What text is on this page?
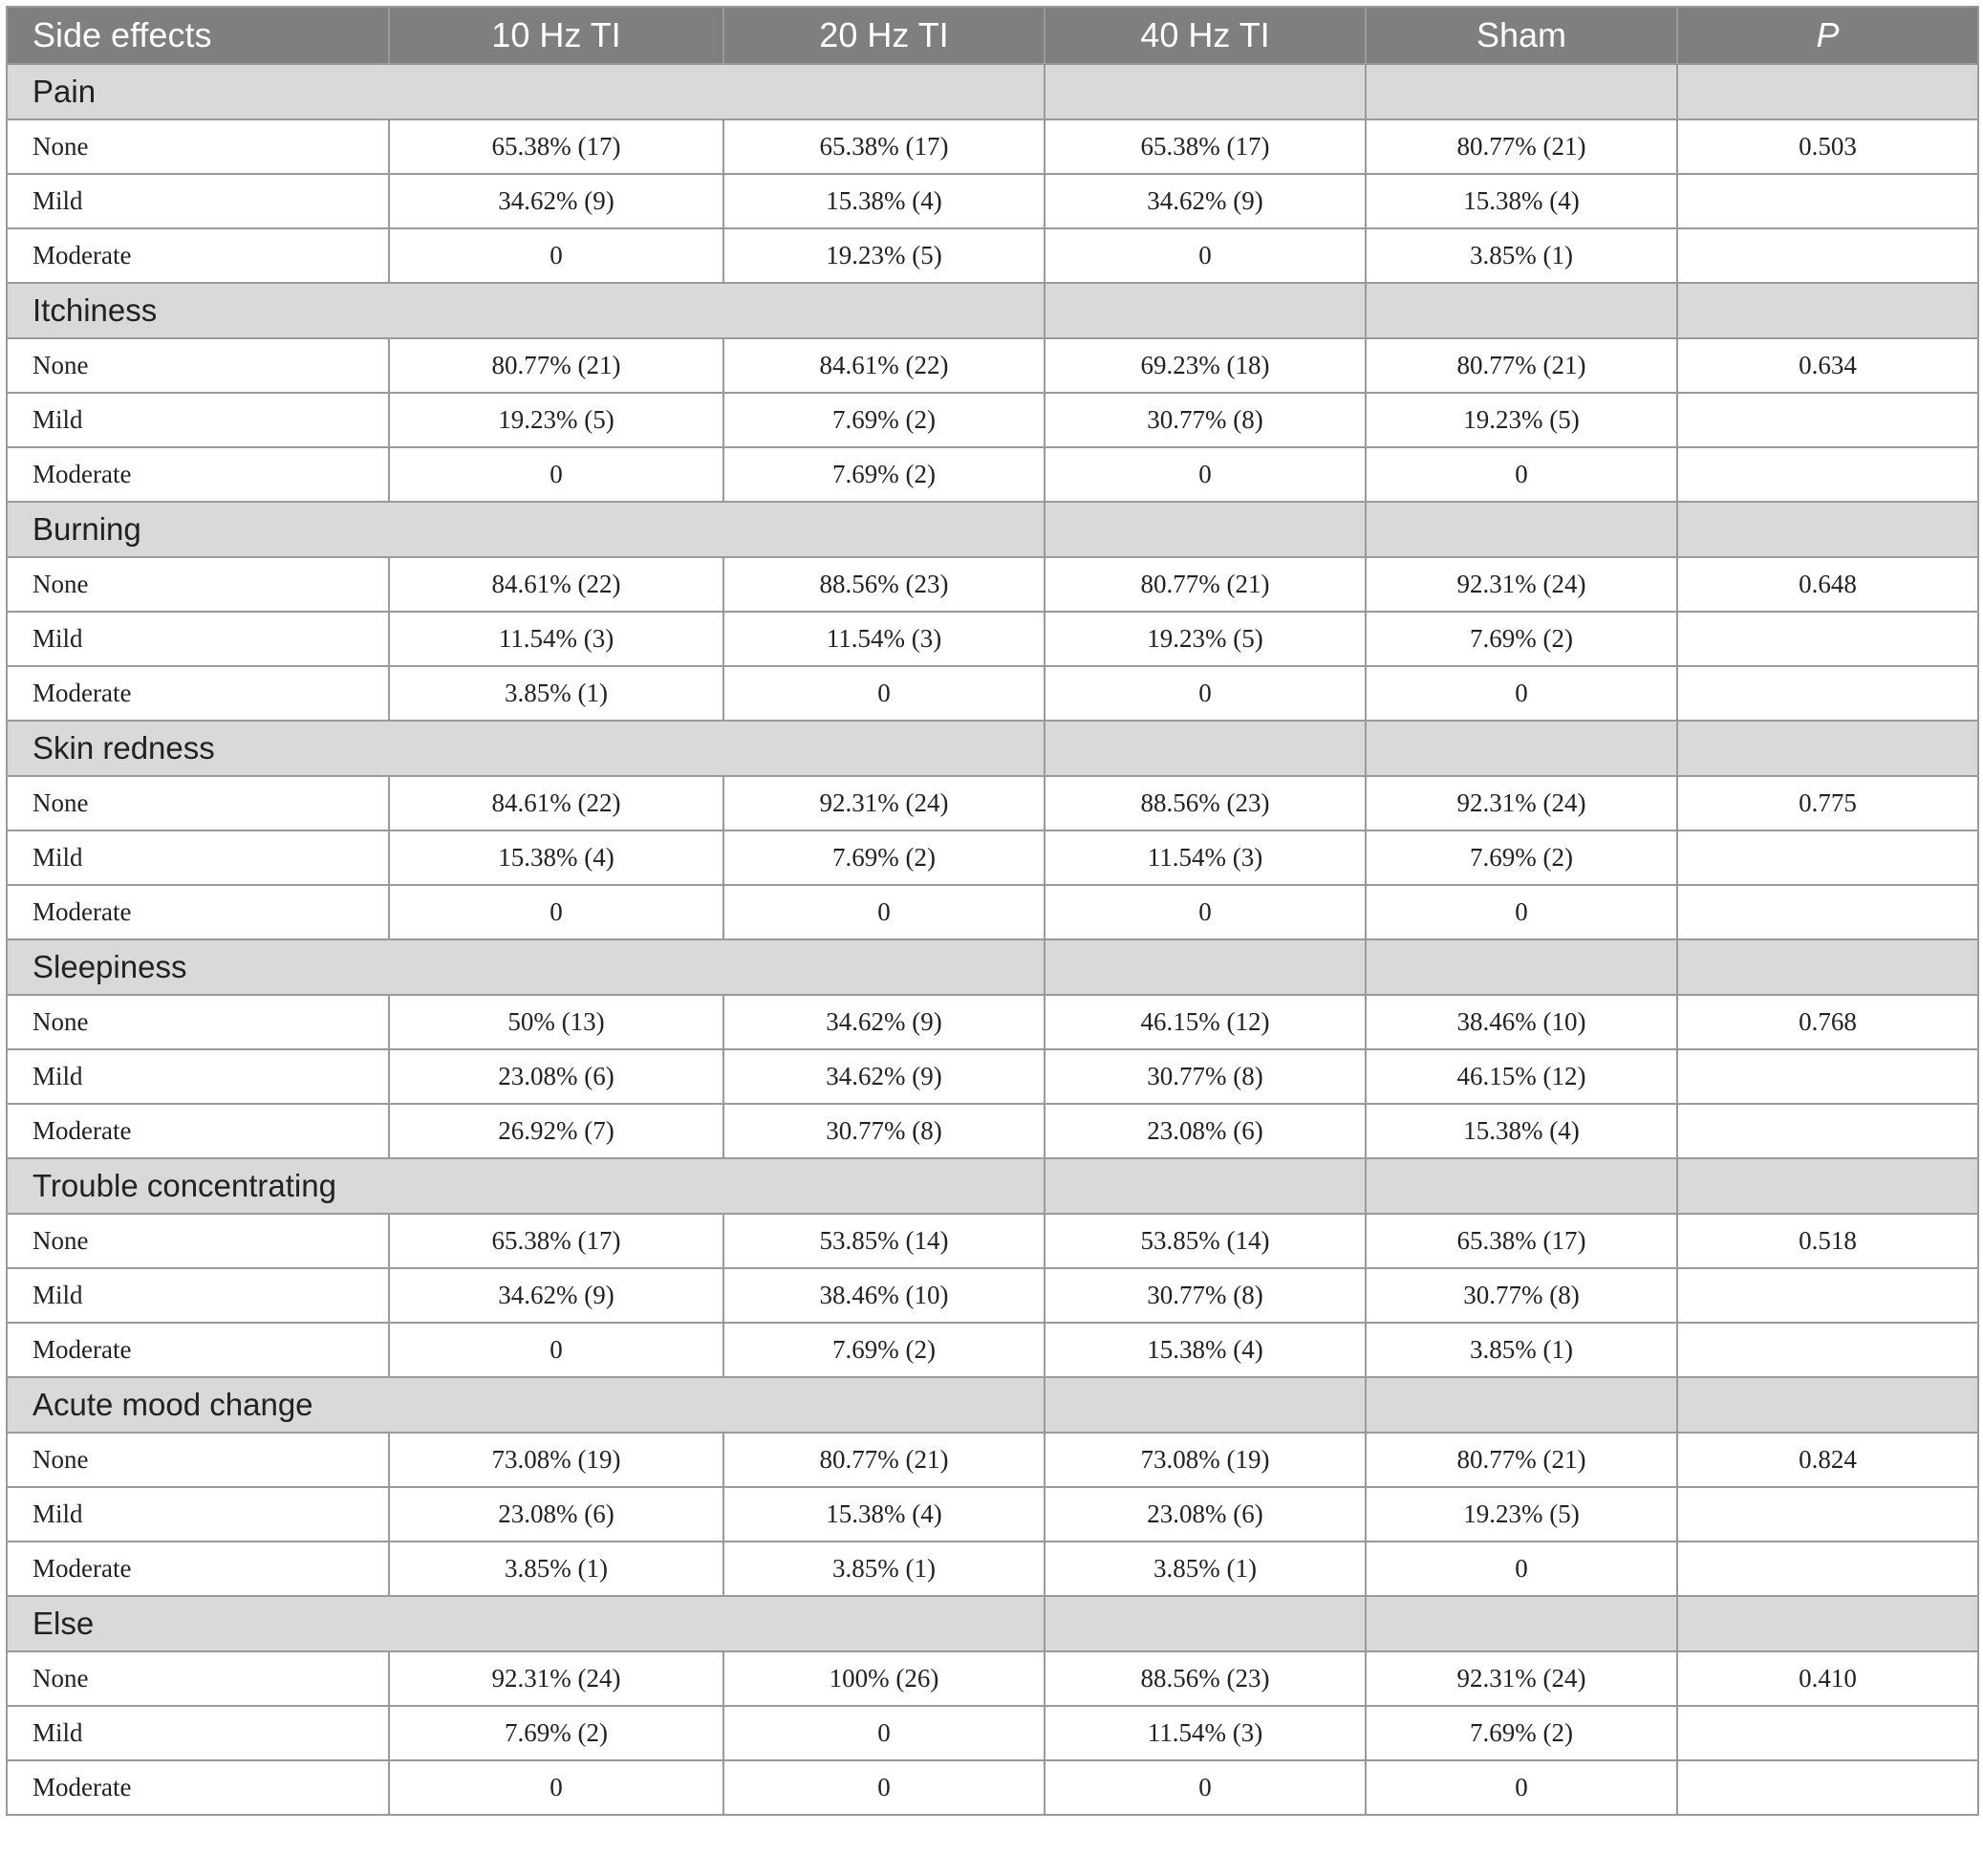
Side effects	10 Hz TI	20 Hz TI	40 Hz TI	Sham	P
Pain					
None	65.38% (17)	65.38% (17)	65.38% (17)	80.77% (21)	0.503
Mild	34.62% (9)	15.38% (4)	34.62% (9)	15.38% (4)	
Moderate	0	19.23% (5)	0	3.85% (1)	
Itchiness					
None	80.77% (21)	84.61% (22)	69.23% (18)	80.77% (21)	0.634
Mild	19.23% (5)	7.69% (2)	30.77% (8)	19.23% (5)	
Moderate	0	7.69% (2)	0	0	
Burning					
None	84.61% (22)	88.56% (23)	80.77% (21)	92.31% (24)	0.648
Mild	11.54% (3)	11.54% (3)	19.23% (5)	7.69% (2)	
Moderate	3.85% (1)	0	0	0	
Skin redness					
None	84.61% (22)	92.31% (24)	88.56% (23)	92.31% (24)	0.775
Mild	15.38% (4)	7.69% (2)	11.54% (3)	7.69% (2)	
Moderate	0	0	0	0	
Sleepiness					
None	50% (13)	34.62% (9)	46.15% (12)	38.46% (10)	0.768
Mild	23.08% (6)	34.62% (9)	30.77% (8)	46.15% (12)	
Moderate	26.92% (7)	30.77% (8)	23.08% (6)	15.38% (4)	
Trouble concentrating					
None	65.38% (17)	53.85% (14)	53.85% (14)	65.38% (17)	0.518
Mild	34.62% (9)	38.46% (10)	30.77% (8)	30.77% (8)	
Moderate	0	7.69% (2)	15.38% (4)	3.85% (1)	
Acute mood change					
None	73.08% (19)	80.77% (21)	73.08% (19)	80.77% (21)	0.824
Mild	23.08% (6)	15.38% (4)	23.08% (6)	19.23% (5)	
Moderate	3.85% (1)	3.85% (1)	3.85% (1)	0	
Else					
None	92.31% (24)	100% (26)	88.56% (23)	92.31% (24)	0.410
Mild	7.69% (2)	0	11.54% (3)	7.69% (2)	
Moderate	0	0	0	0	
